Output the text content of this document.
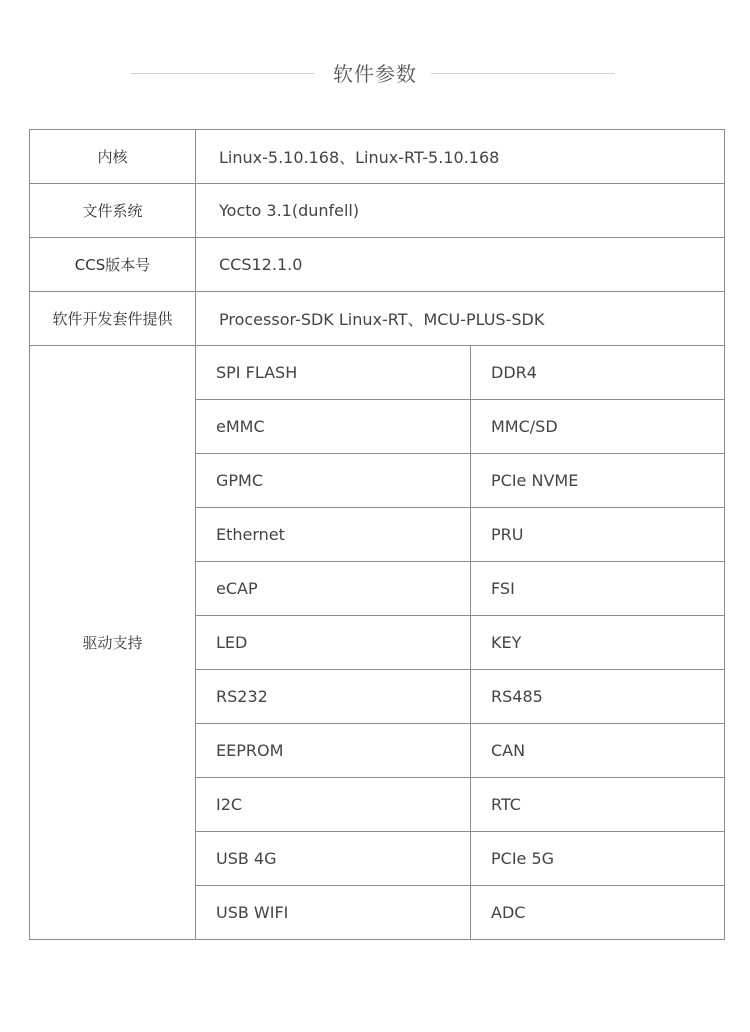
软件参数
内核	Linux-5.10.168、Linux-RT-5.10.168	
文件系统	Yocto 3.1(dunfell)	
CCS版本号	CCS12.1.0	
软件开发套件提供	Processor-SDK Linux-RT、MCU-PLUS-SDK	
驱动支持	SPI FLASH	DDR4
	eMMC	MMC/SD
	GPMC	PCIe NVME
	Ethernet	PRU
	eCAP	FSI
	LED	KEY
	RS232	RS485
	EEPROM	CAN
	I2C	RTC
	USB 4G	PCIe 5G
	USB WIFI	ADC
